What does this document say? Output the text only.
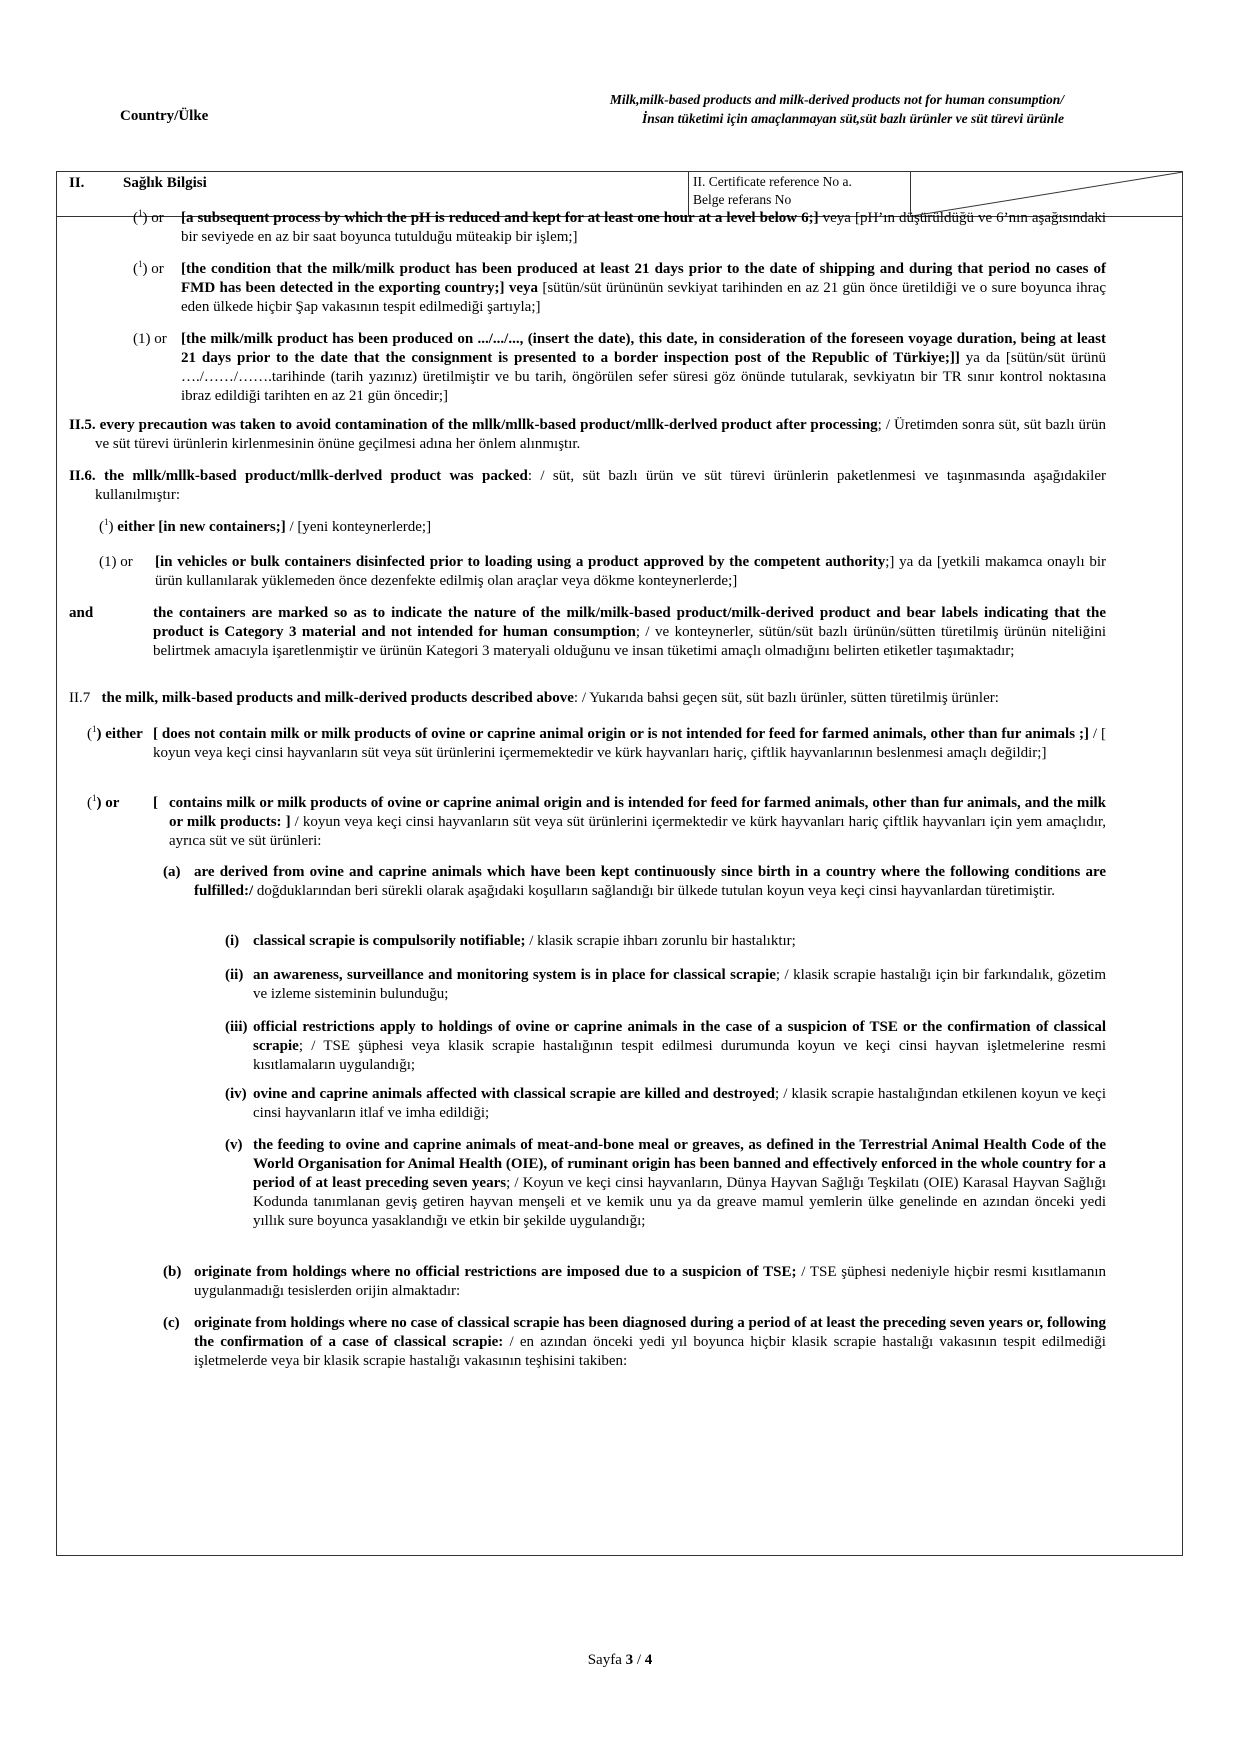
Country/Ülke
Milk,milk-based products and milk-derived products not for human consumption/
İnsan tüketimi için amaçlanmayan süt,süt bazlı ürünler ve süt türevi ürünle
II.	Sağlık Bilgisi	II. Certificate reference No a.
Belge referans No
($^1$) or [a subsequent process by which the pH is reduced and kept for at least one hour at a level below 6;] veya [pH’ın düşürüldüğü ve 6’nın aşağısındaki bir seviyede en az bir saat boyunca tutulduğu müteakip bir işlem;]
($^1$) or [the condition that the milk/milk product has been produced at least 21 days prior to the date of shipping and during that period no cases of FMD has been detected in the exporting country;] veya [sütün/süt ürününün sevkiyat tarihinden en az 21 gün önce üretildiği ve o sure boyunca ihraç eden ülkede hiçbir Şap vakasının tespit edilmediği şartıyla;]
(1) or [the milk/milk product has been produced on .../.../..., (insert the date), this date, in consideration of the foreseen voyage duration, being at least 21 days prior to the date that the consignment is presented to a border inspection post of the Republic of Türkiye;]] ya da [sütün/süt ürünü …./……/…….tarihinde (tarih yazınız) üretilmiştir ve bu tarih, öngörülen sefer süresi göz önünde tutularak, sevkiyatın bir TR sınır kontrol noktasına ibraz edildiği tarihten en az 21 gün öncedir;]
II.5. every precaution was taken to avoid contamination of the mllk/mllk-based product/mllk-derlved product after processing; / Üretimden sonra süt, süt bazlı ürün ve süt türevi ürünlerin kirlenmesinin önüne geçilmesi adına her önlem alınmıştır.
II.6. the mllk/mllk-based product/mllk-derlved product was packed: / süt, süt bazlı ürün ve süt türevi ürünlerin paketlenmesi ve taşınmasında aşağıdakiler kullanılmıştır:
($^1$) either [in new containers;] / [yeni konteynerlerde;]
(1) or [in vehicles or bulk containers disinfected prior to loading using a product approved by the competent authority;] ya da [yetkili makamca onaylı bir ürün kullanılarak yüklemeden önce dezenfekte edilmiş olan araçlar veya dökme konteynerlerde;]
and	the containers are marked so as to indicate the nature of the milk/milk-based product/milk-derived product and bear labels indicating that the product is Category 3 material and not intended for human consumption; / ve konteynerler, sütün/süt bazlı ürünün/sütten türetilmiş ürünün niteliğini belirtmek amacıyla işaretlenmiştir ve ürünün Kategori 3 materyali olduğunu ve insan tüketimi amaçlı olmadığını belirten etiketler taşımaktadır;
II.7 the milk, milk-based products and milk-derived products described above: / Yukarıda bahsi geçen süt, süt bazlı ürünler, sütten türetilmiş ürünler:
($^1$) either [ does not contain milk or milk products of ovine or caprine animal origin or is not intended for feed for farmed animals, other than fur animals ;] / [ koyun veya keçi cinsi hayvanların süt veya süt ürünlerini içermemektedir ve kürk hayvanları hariç, çiftlik hayvanlarının beslenmesi amaçlı değildir;]
($^1$) or [ contains milk or milk products of ovine or caprine animal origin and is intended for feed for farmed animals, other than fur animals, and the milk or milk products: ] / koyun veya keçi cinsi hayvanların süt veya süt ürünlerini içermektedir ve kürk hayvanları hariç çiftlik hayvanları için yem amaçlıdır, ayrıca süt ve süt ürünleri:
(a) are derived from ovine and caprine animals which have been kept continuously since birth in a country where the following conditions are fulfilled:/ doğduklarından beri sürekli olarak aşağıdaki koşulların sağlandığı bir ülkede tutulan koyun veya keçi cinsi hayvanlardan türetimiştir.
(i) classical scrapie is compulsorily notifiable; / klasik scrapie ihbarı zorunlu bir hastalıktır;
(ii) an awareness, surveillance and monitoring system is in place for classical scrapie; / klasik scrapie hastalığı için bir farkındalık, gözetim ve izleme sisteminin bulunduğu;
(iii) official restrictions apply to holdings of ovine or caprine animals in the case of a suspicion of TSE or the confirmation of classical scrapie; / TSE şüphesi veya klasik scrapie hastalığının tespit edilmesi durumunda koyun ve keçi cinsi hayvan işletmelerine resmi kısıtlamaların uygulandığı;
(iv) ovine and caprine animals affected with classical scrapie are killed and destroyed; / klasik scrapie hastalığından etkilenen koyun ve keçi cinsi hayvanların itlaf ve imha edildiği;
(v) the feeding to ovine and caprine animals of meat-and-bone meal or greaves, as defined in the Terrestrial Animal Health Code of the World Organisation for Animal Health (OIE), of ruminant origin has been banned and effectively enforced in the whole country for a period of at least preceding seven years; / Koyun ve keçi cinsi hayvanların, Dünya Hayvan Sağlığı Teşkilatı (OIE) Karasal Hayvan Sağlığı Kodunda tanımlanan geviş getiren hayvan menşeli et ve kemik unu ya da greave mamul yemlerin ülke genelinde en azından önceki yedi yıllık sure boyunca yasaklandığı ve etkin bir şekilde uygulandığı;
(b) originate from holdings where no official restrictions are imposed due to a suspicion of TSE; / TSE şüphesi nedeniyle hiçbir resmi kısıtlamanın uygulanmadığı tesislerden orijin almaktadır:
(c) originate from holdings where no case of classical scrapie has been diagnosed during a period of at least the preceding seven years or, following the confirmation of a case of classical scrapie: / en azından önceki yedi yıl boyunca hiçbir klasik scrapie hastalığı vakasının tespit edilmediği işletmelerde veya bir klasik scrapie hastalığı vakasının teşhisini takiben:
Sayfa 3 / 4
